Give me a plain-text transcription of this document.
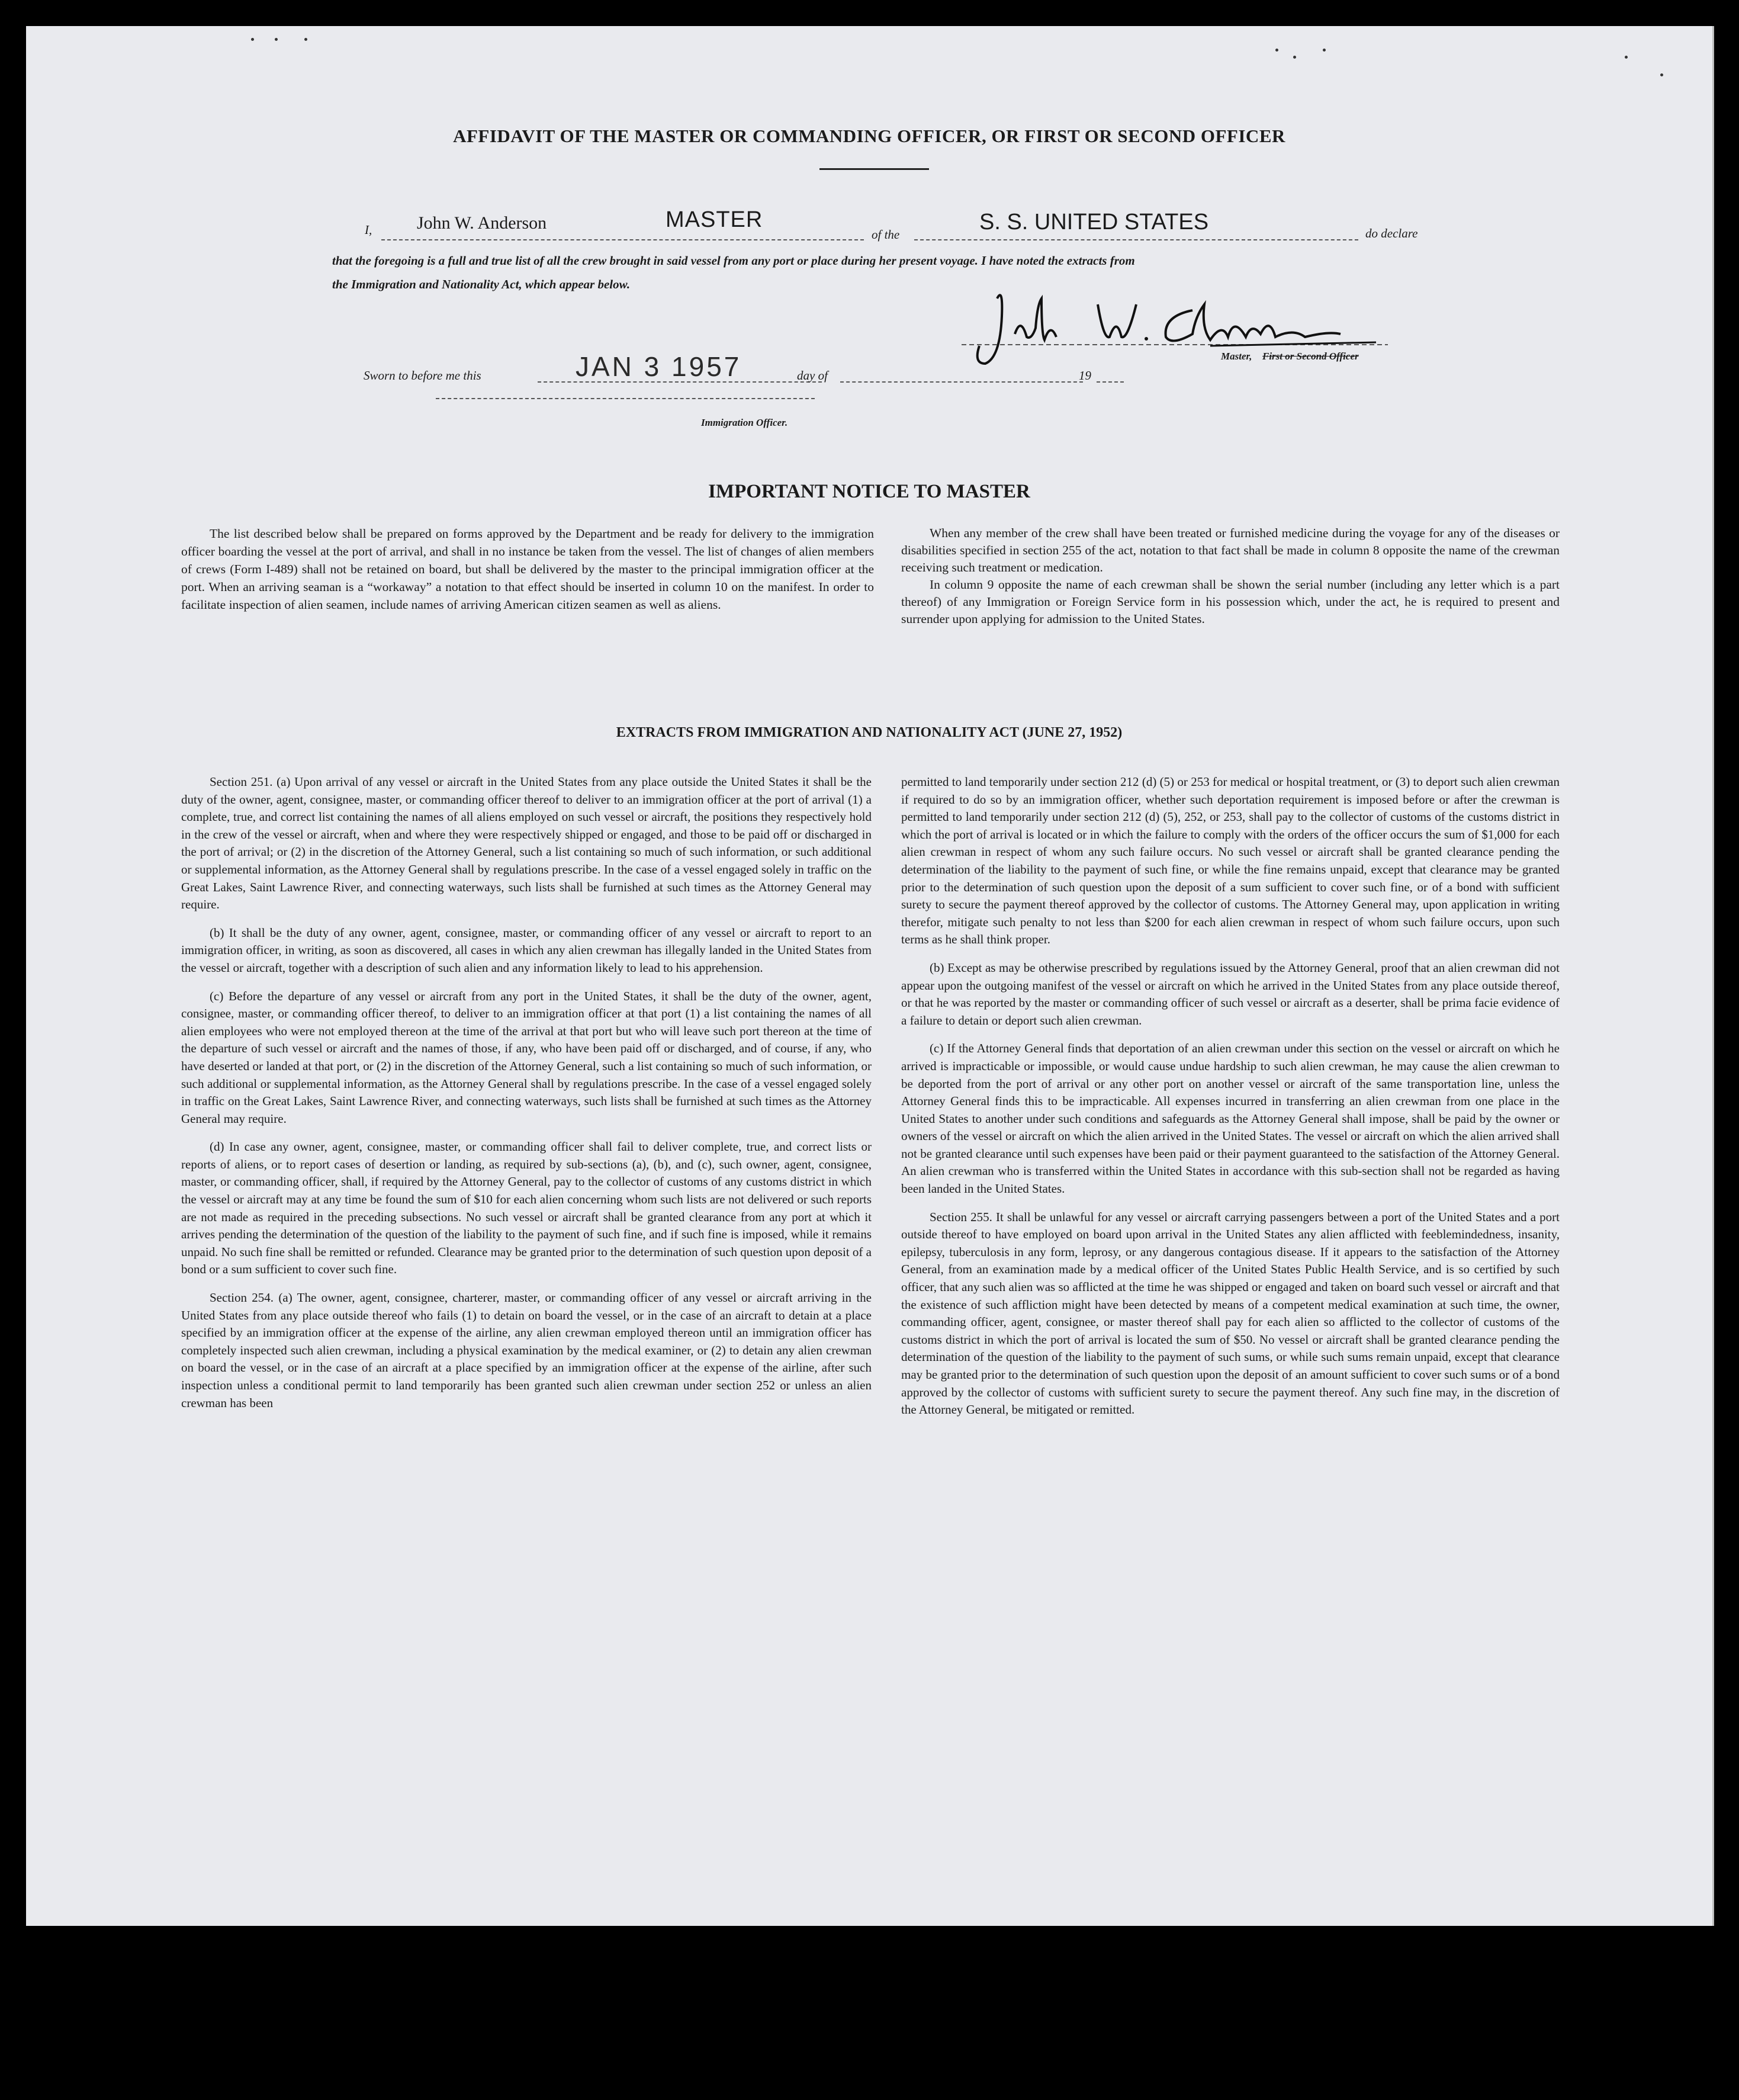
AFFIDAVIT OF THE MASTER OR COMMANDING OFFICER, OR FIRST OR SECOND OFFICER
I,	John W. Anderson	MASTER
of the	S. S. UNITED STATES	do declare
that the foregoing is a full and true list of all the crew brought in said vessel from any port or place during her present voyage. I have noted the extracts from
the Immigration and Nationality Act, which appear below.
Master, First or Second Officer
Sworn to before me this	JAN 3 1957	day of	19
Immigration Officer.
IMPORTANT NOTICE TO MASTER

The list described below shall be prepared on forms approved by the Department and be ready for delivery to the immigration officer boarding the vessel at the port of arrival, and shall in no instance be taken from the vessel. The list of changes of alien members of crews (Form I-489) shall not be retained on board, but shall be delivered by the master to the principal immigration officer at the port. When an arriving seaman is a “workaway” a notation to that effect should be inserted in column 10 on the manifest. In order to facilitate inspection of alien seamen, include names of arriving American citizen seamen as well as aliens.

When any member of the crew shall have been treated or furnished medicine during the voyage for any of the diseases or disabilities specified in section 255 of the act, notation to that fact shall be made in column 8 opposite the name of the crewman receiving such treatment or medication.

In column 9 opposite the name of each crewman shall be shown the serial number (including any letter which is a part thereof) of any Immigration or Foreign Service form in his possession which, under the act, he is required to present and surrender upon applying for admission to the United States.

EXTRACTS FROM IMMIGRATION AND NATIONALITY ACT (JUNE 27, 1952)

Section 251. (a) Upon arrival of any vessel or aircraft in the United States from any place outside the United States it shall be the duty of the owner, agent, consignee, master, or commanding officer thereof to deliver to an immigration officer at the port of arrival (1) a complete, true, and correct list containing the names of all aliens employed on such vessel or aircraft, the positions they respectively hold in the crew of the vessel or aircraft, when and where they were respectively shipped or engaged, and those to be paid off or discharged in the port of arrival; or (2) in the discretion of the Attorney General, such a list containing so much of such information, or such additional or supplemental information, as the Attorney General shall by regulations prescribe. In the case of a vessel engaged solely in traffic on the Great Lakes, Saint Lawrence River, and connecting waterways, such lists shall be furnished at such times as the Attorney General may require.

(b) It shall be the duty of any owner, agent, consignee, master, or commanding officer of any vessel or aircraft to report to an immigration officer, in writing, as soon as discovered, all cases in which any alien crewman has illegally landed in the United States from the vessel or aircraft, together with a description of such alien and any information likely to lead to his apprehension.

(c) Before the departure of any vessel or aircraft from any port in the United States, it shall be the duty of the owner, agent, consignee, master, or commanding officer thereof, to deliver to an immigration officer at that port (1) a list containing the names of all alien employees who were not employed thereon at the time of the arrival at that port but who will leave such port thereon at the time of the departure of such vessel or aircraft and the names of those, if any, who have been paid off or discharged, and of course, if any, who have deserted or landed at that port, or (2) in the discretion of the Attorney General, such a list containing so much of such information, or such additional or supplemental information, as the Attorney General shall by regulations prescribe. In the case of a vessel engaged solely in traffic on the Great Lakes, Saint Lawrence River, and connecting waterways, such lists shall be furnished at such times as the Attorney General may require.

(d) In case any owner, agent, consignee, master, or commanding officer shall fail to deliver complete, true, and correct lists or reports of aliens, or to report cases of desertion or landing, as required by sub-sections (a), (b), and (c), such owner, agent, consignee, master, or commanding officer, shall, if required by the Attorney General, pay to the collector of customs of any customs district in which the vessel or aircraft may at any time be found the sum of $10 for each alien concerning whom such lists are not delivered or such reports are not made as required in the preceding subsections. No such vessel or aircraft shall be granted clearance from any port at which it arrives pending the determination of the question of the liability to the payment of such fine, and if such fine is imposed, while it remains unpaid. No such fine shall be remitted or refunded. Clearance may be granted prior to the determination of such question upon deposit of a bond or a sum sufficient to cover such fine.

Section 254. (a) The owner, agent, consignee, charterer, master, or commanding officer of any vessel or aircraft arriving in the United States from any place outside thereof who fails (1) to detain on board the vessel, or in the case of an aircraft to detain at a place specified by an immigration officer at the expense of the airline, any alien crewman employed thereon until an immigration officer has completely inspected such alien crewman, including a physical examination by the medical examiner, or (2) to detain any alien crewman on board the vessel, or in the case of an aircraft at a place specified by an immigration officer at the expense of the airline, after such inspection unless a conditional permit to land temporarily has been granted such alien crewman under section 252 or unless an alien crewman has been

permitted to land temporarily under section 212 (d) (5) or 253 for medical or hospital treatment, or (3) to deport such alien crewman if required to do so by an immigration officer, whether such deportation requirement is imposed before or after the crewman is permitted to land temporarily under section 212 (d) (5), 252, or 253, shall pay to the collector of customs of the customs district in which the port of arrival is located or in which the failure to comply with the orders of the officer occurs the sum of $1,000 for each alien crewman in respect of whom any such failure occurs. No such vessel or aircraft shall be granted clearance pending the determination of the liability to the payment of such fine, or while the fine remains unpaid, except that clearance may be granted prior to the determination of such question upon the deposit of a sum sufficient to cover such fine, or of a bond with sufficient surety to secure the payment thereof approved by the collector of customs. The Attorney General may, upon application in writing therefor, mitigate such penalty to not less than $200 for each alien crewman in respect of whom such failure occurs, upon such terms as he shall think proper.

(b) Except as may be otherwise prescribed by regulations issued by the Attorney General, proof that an alien crewman did not appear upon the outgoing manifest of the vessel or aircraft on which he arrived in the United States from any place outside thereof, or that he was reported by the master or commanding officer of such vessel or aircraft as a deserter, shall be prima facie evidence of a failure to detain or deport such alien crewman.

(c) If the Attorney General finds that deportation of an alien crewman under this section on the vessel or aircraft on which he arrived is impracticable or impossible, or would cause undue hardship to such alien crewman, he may cause the alien crewman to be deported from the port of arrival or any other port on another vessel or aircraft of the same transportation line, unless the Attorney General finds this to be impracticable. All expenses incurred in transferring an alien crewman from one place in the United States to another under such conditions and safeguards as the Attorney General shall impose, shall be paid by the owner or owners of the vessel or aircraft on which the alien arrived in the United States. The vessel or aircraft on which the alien arrived shall not be granted clearance until such expenses have been paid or their payment guaranteed to the satisfaction of the Attorney General. An alien crewman who is transferred within the United States in accordance with this sub-section shall not be regarded as having been landed in the United States.

Section 255. It shall be unlawful for any vessel or aircraft carrying passengers between a port of the United States and a port outside thereof to have employed on board upon arrival in the United States any alien afflicted with feeblemindedness, insanity, epilepsy, tuberculosis in any form, leprosy, or any dangerous contagious disease. If it appears to the satisfaction of the Attorney General, from an examination made by a medical officer of the United States Public Health Service, and is so certified by such officer, that any such alien was so afflicted at the time he was shipped or engaged and taken on board such vessel or aircraft and that the existence of such affliction might have been detected by means of a competent medical examination at such time, the owner, commanding officer, agent, consignee, or master thereof shall pay for each alien so afflicted to the collector of customs of the customs district in which the port of arrival is located the sum of $50. No vessel or aircraft shall be granted clearance pending the determination of the question of the liability to the payment of such sums, or while such sums remain unpaid, except that clearance may be granted prior to the determination of such question upon the deposit of an amount sufficient to cover such sums or of a bond approved by the collector of customs with sufficient surety to secure the payment thereof. Any such fine may, in the discretion of the Attorney General, be mitigated or remitted.
